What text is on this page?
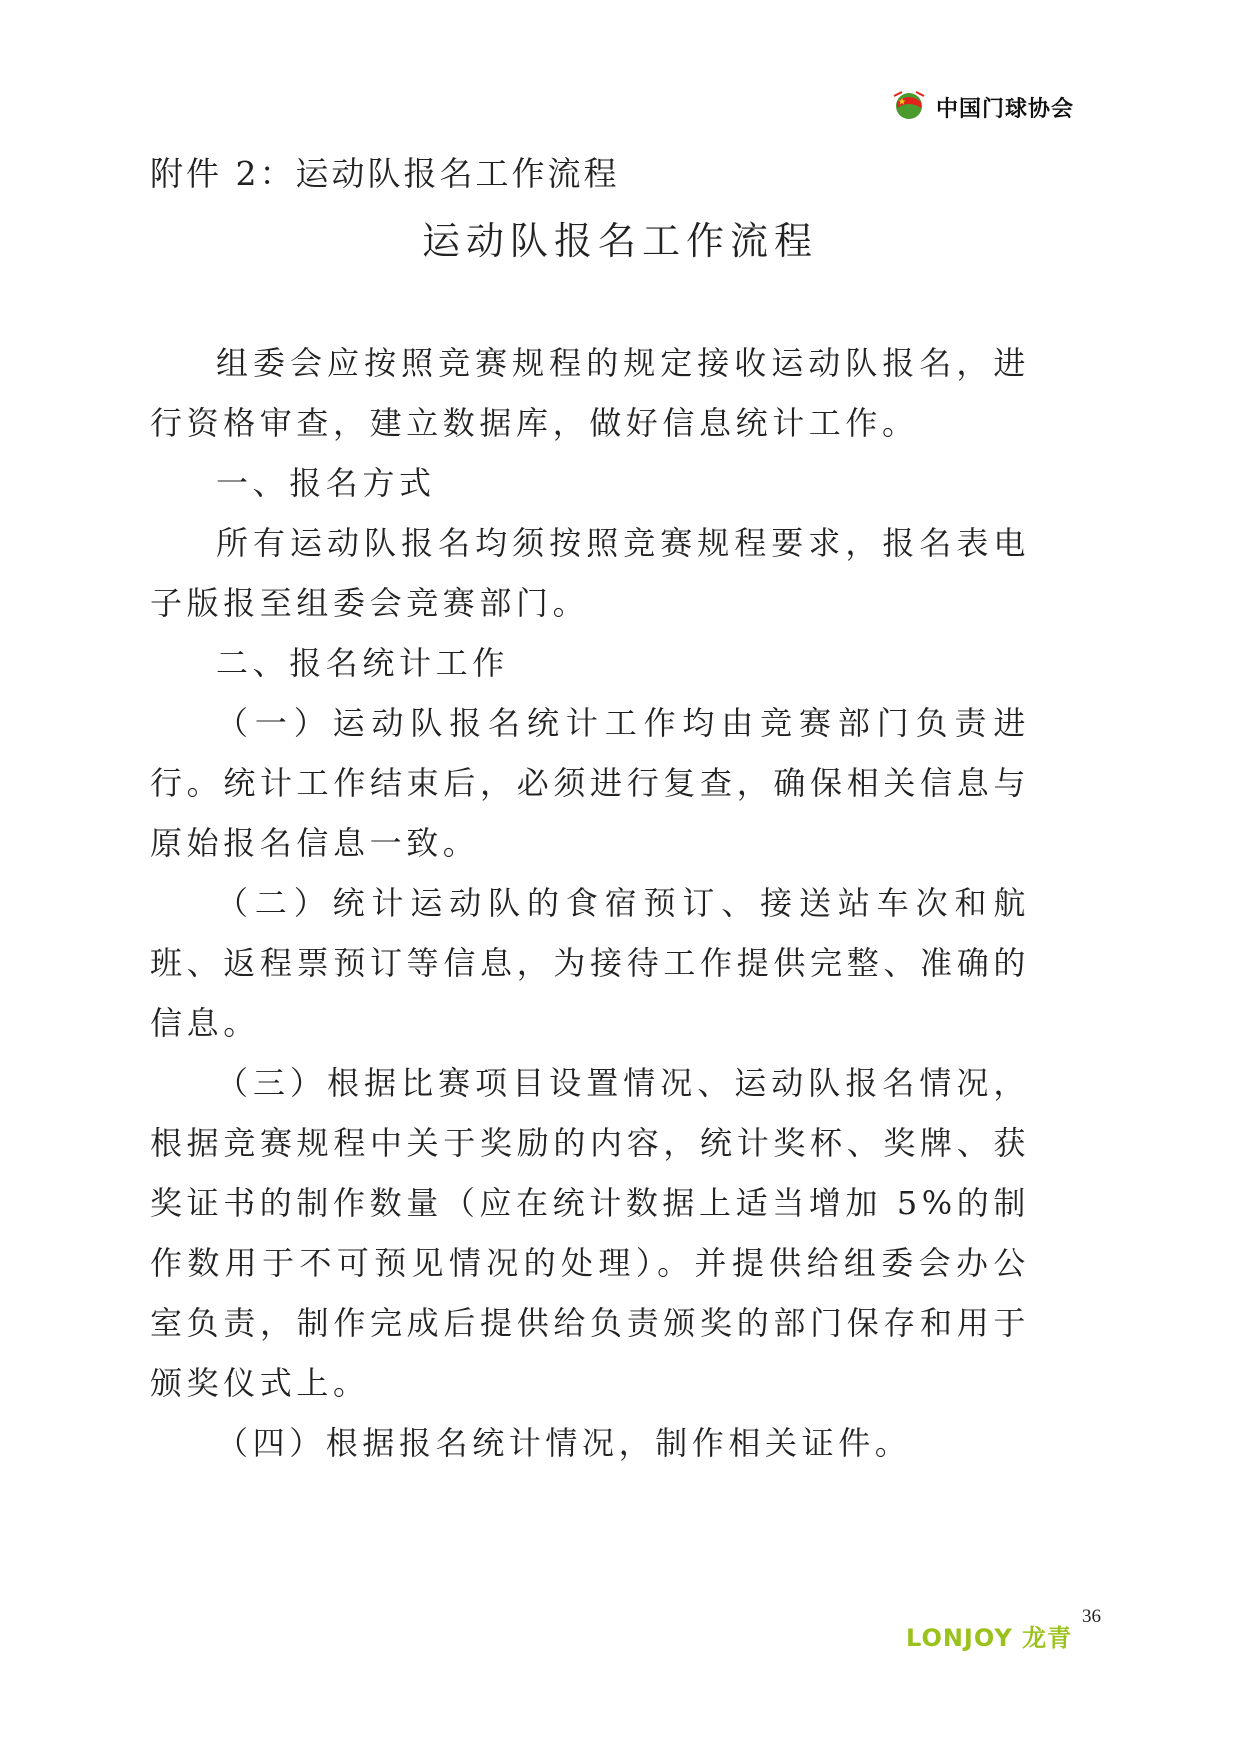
中国门球协会
附件 2：运动队报名工作流程
运动队报名工作流程

组委会应按照竞赛规程的规定接收运动队报名，进行资格审查，建立数据库，做好信息统计工作。

一、报名方式

所有运动队报名均须按照竞赛规程要求，报名表电子版报至组委会竞赛部门。

二、报名统计工作

（一）运动队报名统计工作均由竞赛部门负责进行。统计工作结束后，必须进行复查，确保相关信息与原始报名信息一致。

（二）统计运动队的食宿预订、接送站车次和航班、返程票预订等信息，为接待工作提供完整、准确的信息。

（三）根据比赛项目设置情况、运动队报名情况，根据竞赛规程中关于奖励的内容，统计奖杯、奖牌、获奖证书的制作数量（应在统计数据上适当增加 5%的制作数用于不可预见情况的处理）。并提供给组委会办公室负责，制作完成后提供给负责颁奖的部门保存和用于颁奖仪式上。

（四）根据报名统计情况，制作相关证件。

LONJOY 龙青
36
